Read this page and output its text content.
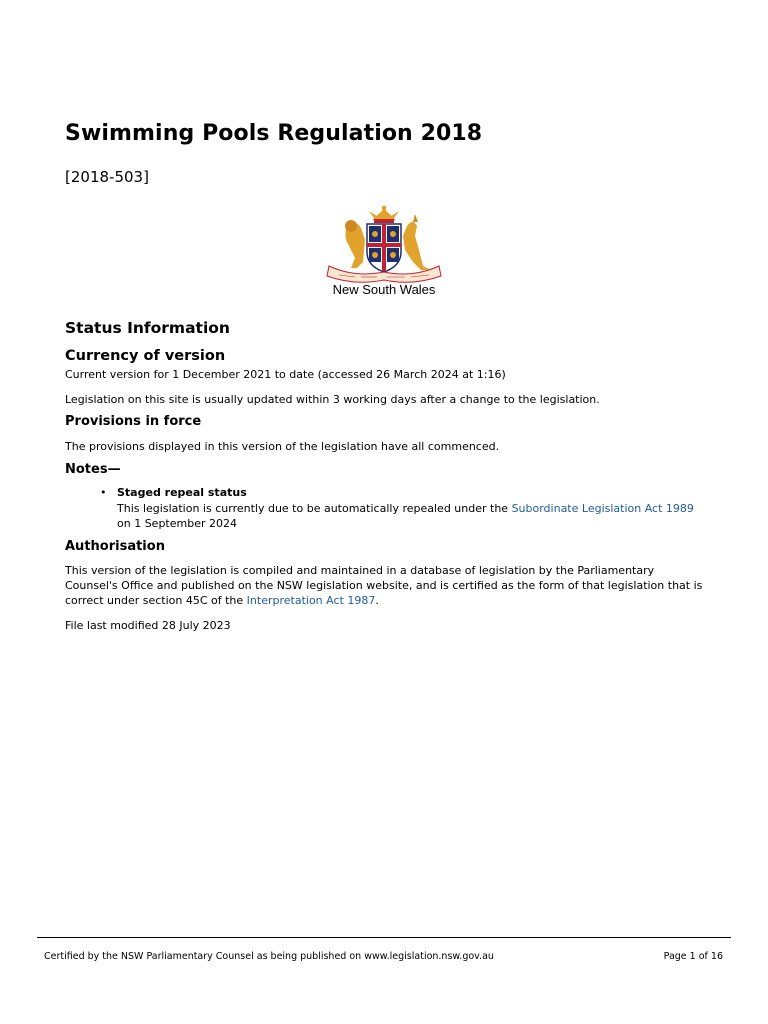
Swimming Pools Regulation 2018
[2018-503]
New South Wales
Status Information
Currency of version

Current version for 1 December 2021 to date (accessed 26 March 2024 at 1:16)

Legislation on this site is usually updated within 3 working days after a change to the legislation.

Provisions in force

The provisions displayed in this version of the legislation have all commenced.

Notes—
• Staged repeal status

This legislation is currently due to be automatically repealed under the Subordinate Legislation Act 1989
on 1 September 2024

Authorisation

This version of the legislation is compiled and maintained in a database of legislation by the Parliamentary Counsel's Office and published on the NSW legislation website, and is certified as the form of that legislation that is correct under section 45C of the Interpretation Act 1987.

File last modified 28 July 2023

Certified by the NSW Parliamentary Counsel as being published on www.legislation.nsw.gov.au	Page 1 of 16
